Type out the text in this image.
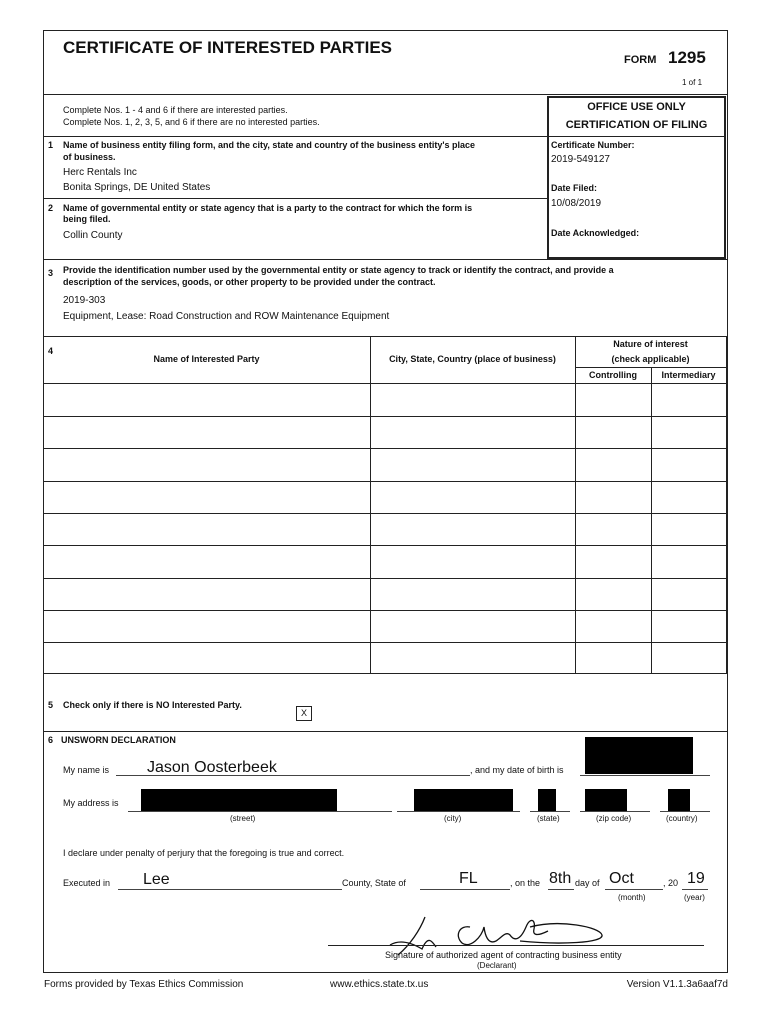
CERTIFICATE OF INTERESTED PARTIES
FORM 1295
1 of 1
Complete Nos. 1 - 4 and 6 if there are interested parties.
Complete Nos. 1, 2, 3, 5, and 6 if there are no interested parties.
OFFICE USE ONLY
CERTIFICATION OF FILING
Certificate Number:
2019-549127
Date Filed:
10/08/2019
Date Acknowledged:
1 Name of business entity filing form, and the city, state and country of the business entity's place
of business.
Herc Rentals Inc
Bonita Springs, DE United States
2 Name of governmental entity or state agency that is a party to the contract for which the form is
being filed.
Collin County
3 Provide the identification number used by the governmental entity or state agency to track or identify the contract, and provide a
description of the services, goods, or other property to be provided under the contract.
2019-303
Equipment, Lease: Road Construction and ROW Maintenance Equipment
4
Name of Interested Party	City, State, Country (place of business)
Nature of interest
(check applicable)
Controlling	Intermediary
5 Check only if there is NO Interested Party.
X
6 UNSWORN DECLARATION
My name is Jason Oosterbeek	, and my date of birth is
My address is
(street)	(city)	(state)	(zip code)	(country)
I declare under penalty of perjury that the foregoing is true and correct.
Executed in Lee	County, State of	FL	, on the 8th day of Oct	, 20 19
(month)	(year)
Signature of authorized agent of contracting business entity
(Declarant)
Forms provided by Texas Ethics Commission	www.ethics.state.tx.us	Version V1.1.3a6aaf7d
